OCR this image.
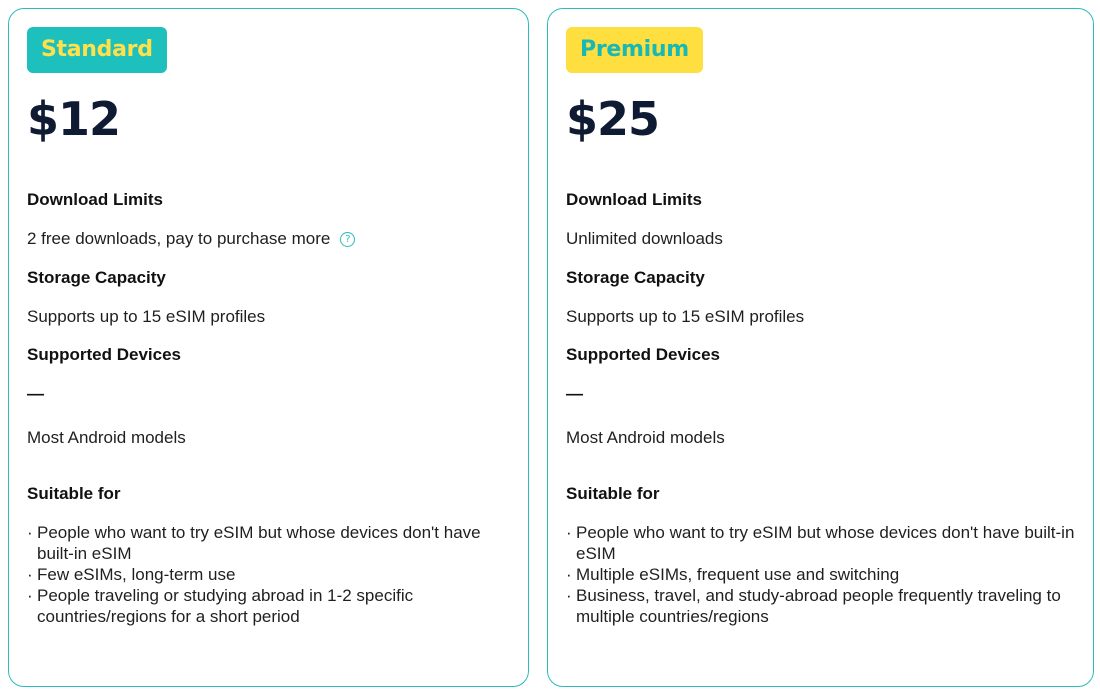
Standard
$12
Download Limits
2 free downloads, pay to purchase more ?
Storage Capacity
Supports up to 15 eSIM profiles
Supported Devices
—
Most Android models
Suitable for
· People who want to try eSIM but whose devices don't have built-in eSIM
· Few eSIMs, long-term use
· People traveling or studying abroad in 1-2 specific countries/regions for a short period
Premium
$25
Download Limits
Unlimited downloads
Storage Capacity
Supports up to 15 eSIM profiles
Supported Devices
—
Most Android models
Suitable for
· People who want to try eSIM but whose devices don't have built-in eSIM
· Multiple eSIMs, frequent use and switching
· Business, travel, and study-abroad people frequently traveling to multiple countries/regions
